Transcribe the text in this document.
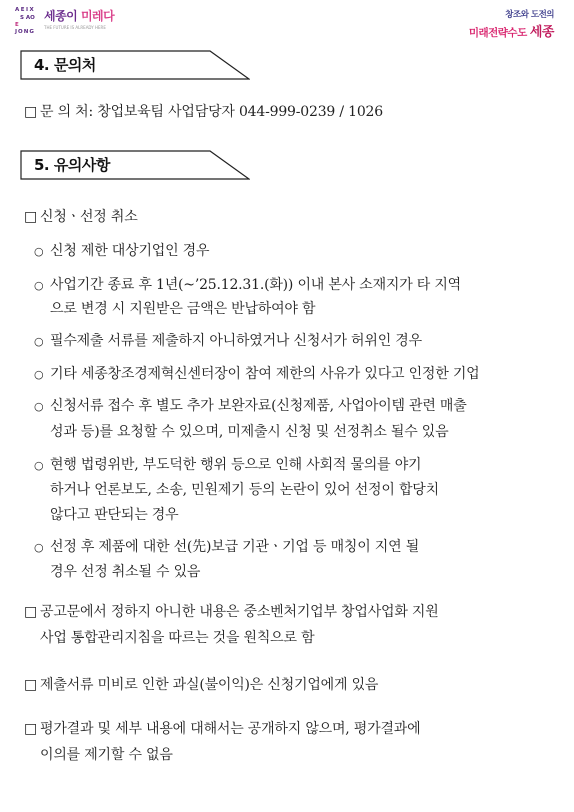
AEIX
S AO
E
JONG
세종이 미레다
THE FUTURE IS ALREADY HERE
창조와 도전의
미래전략수도 세종
4. 문의처
□ 문 의 처: 창업보육팀 사업담당자 044-999-0239 / 1026
5. 유의사항
□ 신청ㆍ선정 취소
○ 신청 제한 대상기업인 경우
○ 사업기간 종료 후 1년(~’25.12.31.(화)) 이내 본사 소재지가 타 지역
으로 변경 시 지원받은 금액은 반납하여야 함
○ 필수제출 서류를 제출하지 아니하였거나 신청서가 허위인 경우
○ 기타 세종창조경제혁신센터장이 참여 제한의 사유가 있다고 인정한 기업
○ 신청서류 접수 후 별도 추가 보완자료(신청제품, 사업아이템 관련 매출
성과 등)를 요청할 수 있으며, 미제출시 신청 및 선정취소 될수 있음
○ 현행 법령위반, 부도덕한 행위 등으로 인해 사회적 물의를 야기
하거나 언론보도, 소송, 민원제기 등의 논란이 있어 선정이 합당치
않다고 판단되는 경우
○ 선정 후 제품에 대한 선(先)보급 기관ㆍ기업 등 매칭이 지연 될
경우 선정 취소될 수 있음
□ 공고문에서 정하지 아니한 내용은 중소벤처기업부 창업사업화 지원
사업 통합관리지침을 따르는 것을 원칙으로 함
□ 제출서류 미비로 인한 과실(불이익)은 신청기업에게 있음
□ 평가결과 및 세부 내용에 대해서는 공개하지 않으며, 평가결과에
이의를 제기할 수 없음
